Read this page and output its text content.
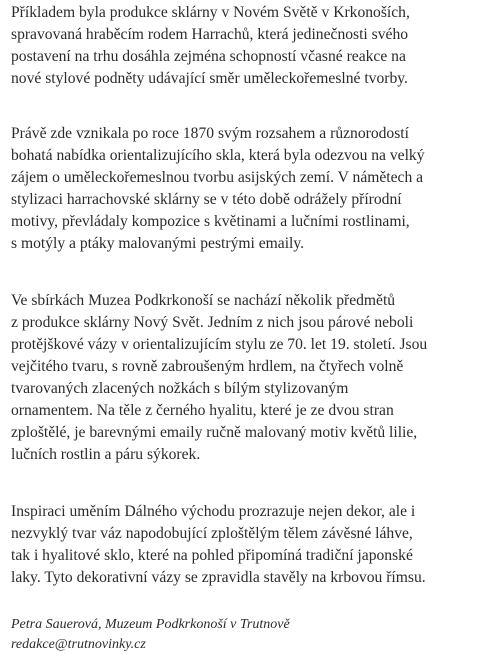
Příkladem byla produkce sklárny v Novém Světě v Krkonoších,
spravovaná hraběcím rodem Harrachů, která jedinečnosti svého
postavení na trhu dosáhla zejména schopností včasné reakce na
nové stylové podněty udávající směr uměleckořemeslné tvorby.

Právě zde vznikala po roce 1870 svým rozsahem a různorodostí
bohatá nabídka orientalizujícího skla, která byla odezvou na velký
zájem o uměleckořemeslnou tvorbu asijských zemí. V námětech a
stylizaci harrachovské sklárny se v této době odrážely přírodní
motivy, převládaly kompozice s květinami a lučními rostlinami,
s motýly a ptáky malovanými pestrými emaily.

Ve sbírkách Muzea Podkrkonoší se nachází několik předmětů
z produkce sklárny Nový Svět. Jedním z nich jsou párové neboli
protějškové vázy v orientalizujícím stylu ze 70. let 19. století. Jsou
vejčitého tvaru, s rovně zabroušeným hrdlem, na čtyřech volně
tvarovaných zlacených nožkách s bílým stylizovaným
ornamentem. Na těle z černého hyalitu, které je ze dvou stran
zploštělé, je barevnými emaily ručně malovaný motiv květů lilie,
lučních rostlin a páru sýkorek.

Inspiraci uměním Dálného východu prozrazuje nejen dekor, ale i
nezvyklý tvar váz napodobující zploštělým tělem závěsné láhve,
tak i hyalitové sklo, které na pohled připomíná tradiční japonské
laky. Tyto dekorativní vázy se zpravidla stavěly na krbovou římsu.

Petra Sauerová, Muzeum Podkrkonoší v Trutnově
redakce@trutnovinky.cz
